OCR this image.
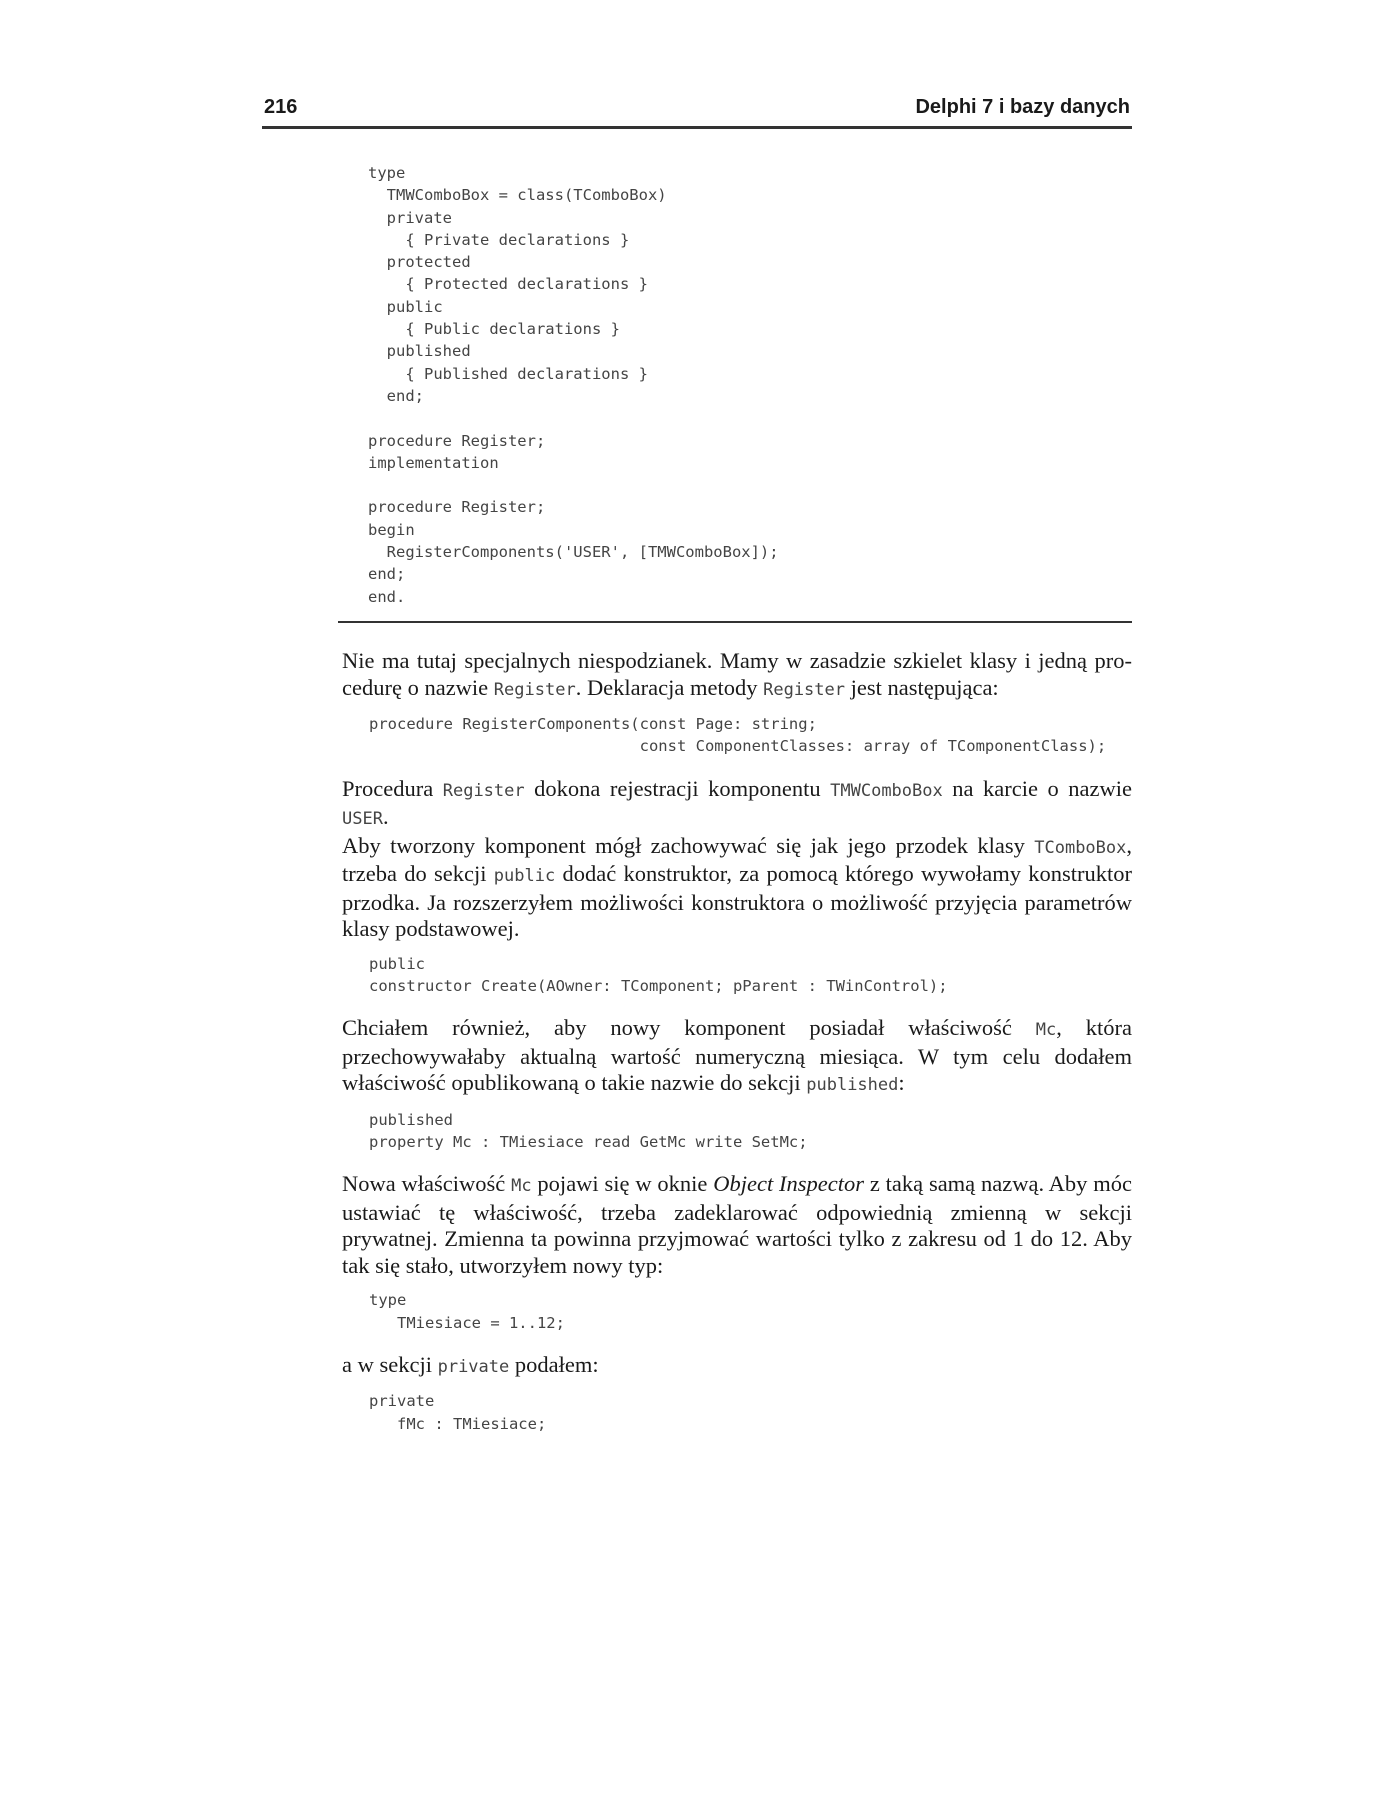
216	Delphi 7 i bazy danych
type
TMWComboBox = class(TComboBox)
private
{ Private declarations }
protected
{ Protected declarations }
public
{ Public declarations }
published
{ Published declarations }
end;

procedure Register;
implementation

procedure Register;
begin
RegisterComponents('USER', [TMWComboBox]);
end;
end.

Nie ma tutaj specjalnych niespodzianek. Mamy w zasadzie szkielet klasy i jedną procedurę o nazwie Register. Deklaracja metody Register jest następująca:

procedure RegisterComponents(const Page: string;
const ComponentClasses: array of TComponentClass);

Procedura Register dokona rejestracji komponentu TMWComboBox na karcie o nazwie USER.

Aby tworzony komponent mógł zachowywać się jak jego przodek klasy TComboBox, trzeba do sekcji public dodać konstruktor, za pomocą którego wywołamy konstruktor przodka. Ja rozszerzyłem możliwości konstruktora o możliwość przyjęcia parametrów klasy podstawowej.

public
constructor Create(AOwner: TComponent; pParent : TWinControl);

Chciałem również, aby nowy komponent posiadał właściwość Mc, która przechowywałaby aktualną wartość numeryczną miesiąca. W tym celu dodałem właściwość opublikowaną o takie nazwie do sekcji published:

published
property Mc : TMiesiace read GetMc write SetMc;

Nowa właściwość Mc pojawi się w oknie Object Inspector z taką samą nazwą. Aby móc ustawiać tę właściwość, trzeba zadeklarować odpowiednią zmienną w sekcji prywatnej. Zmienna ta powinna przyjmować wartości tylko z zakresu od 1 do 12. Aby tak się stało, utworzyłem nowy typ:

type
TMiesiace = 1..12;

a w sekcji private podałem:

private
fMc : TMiesiace;
